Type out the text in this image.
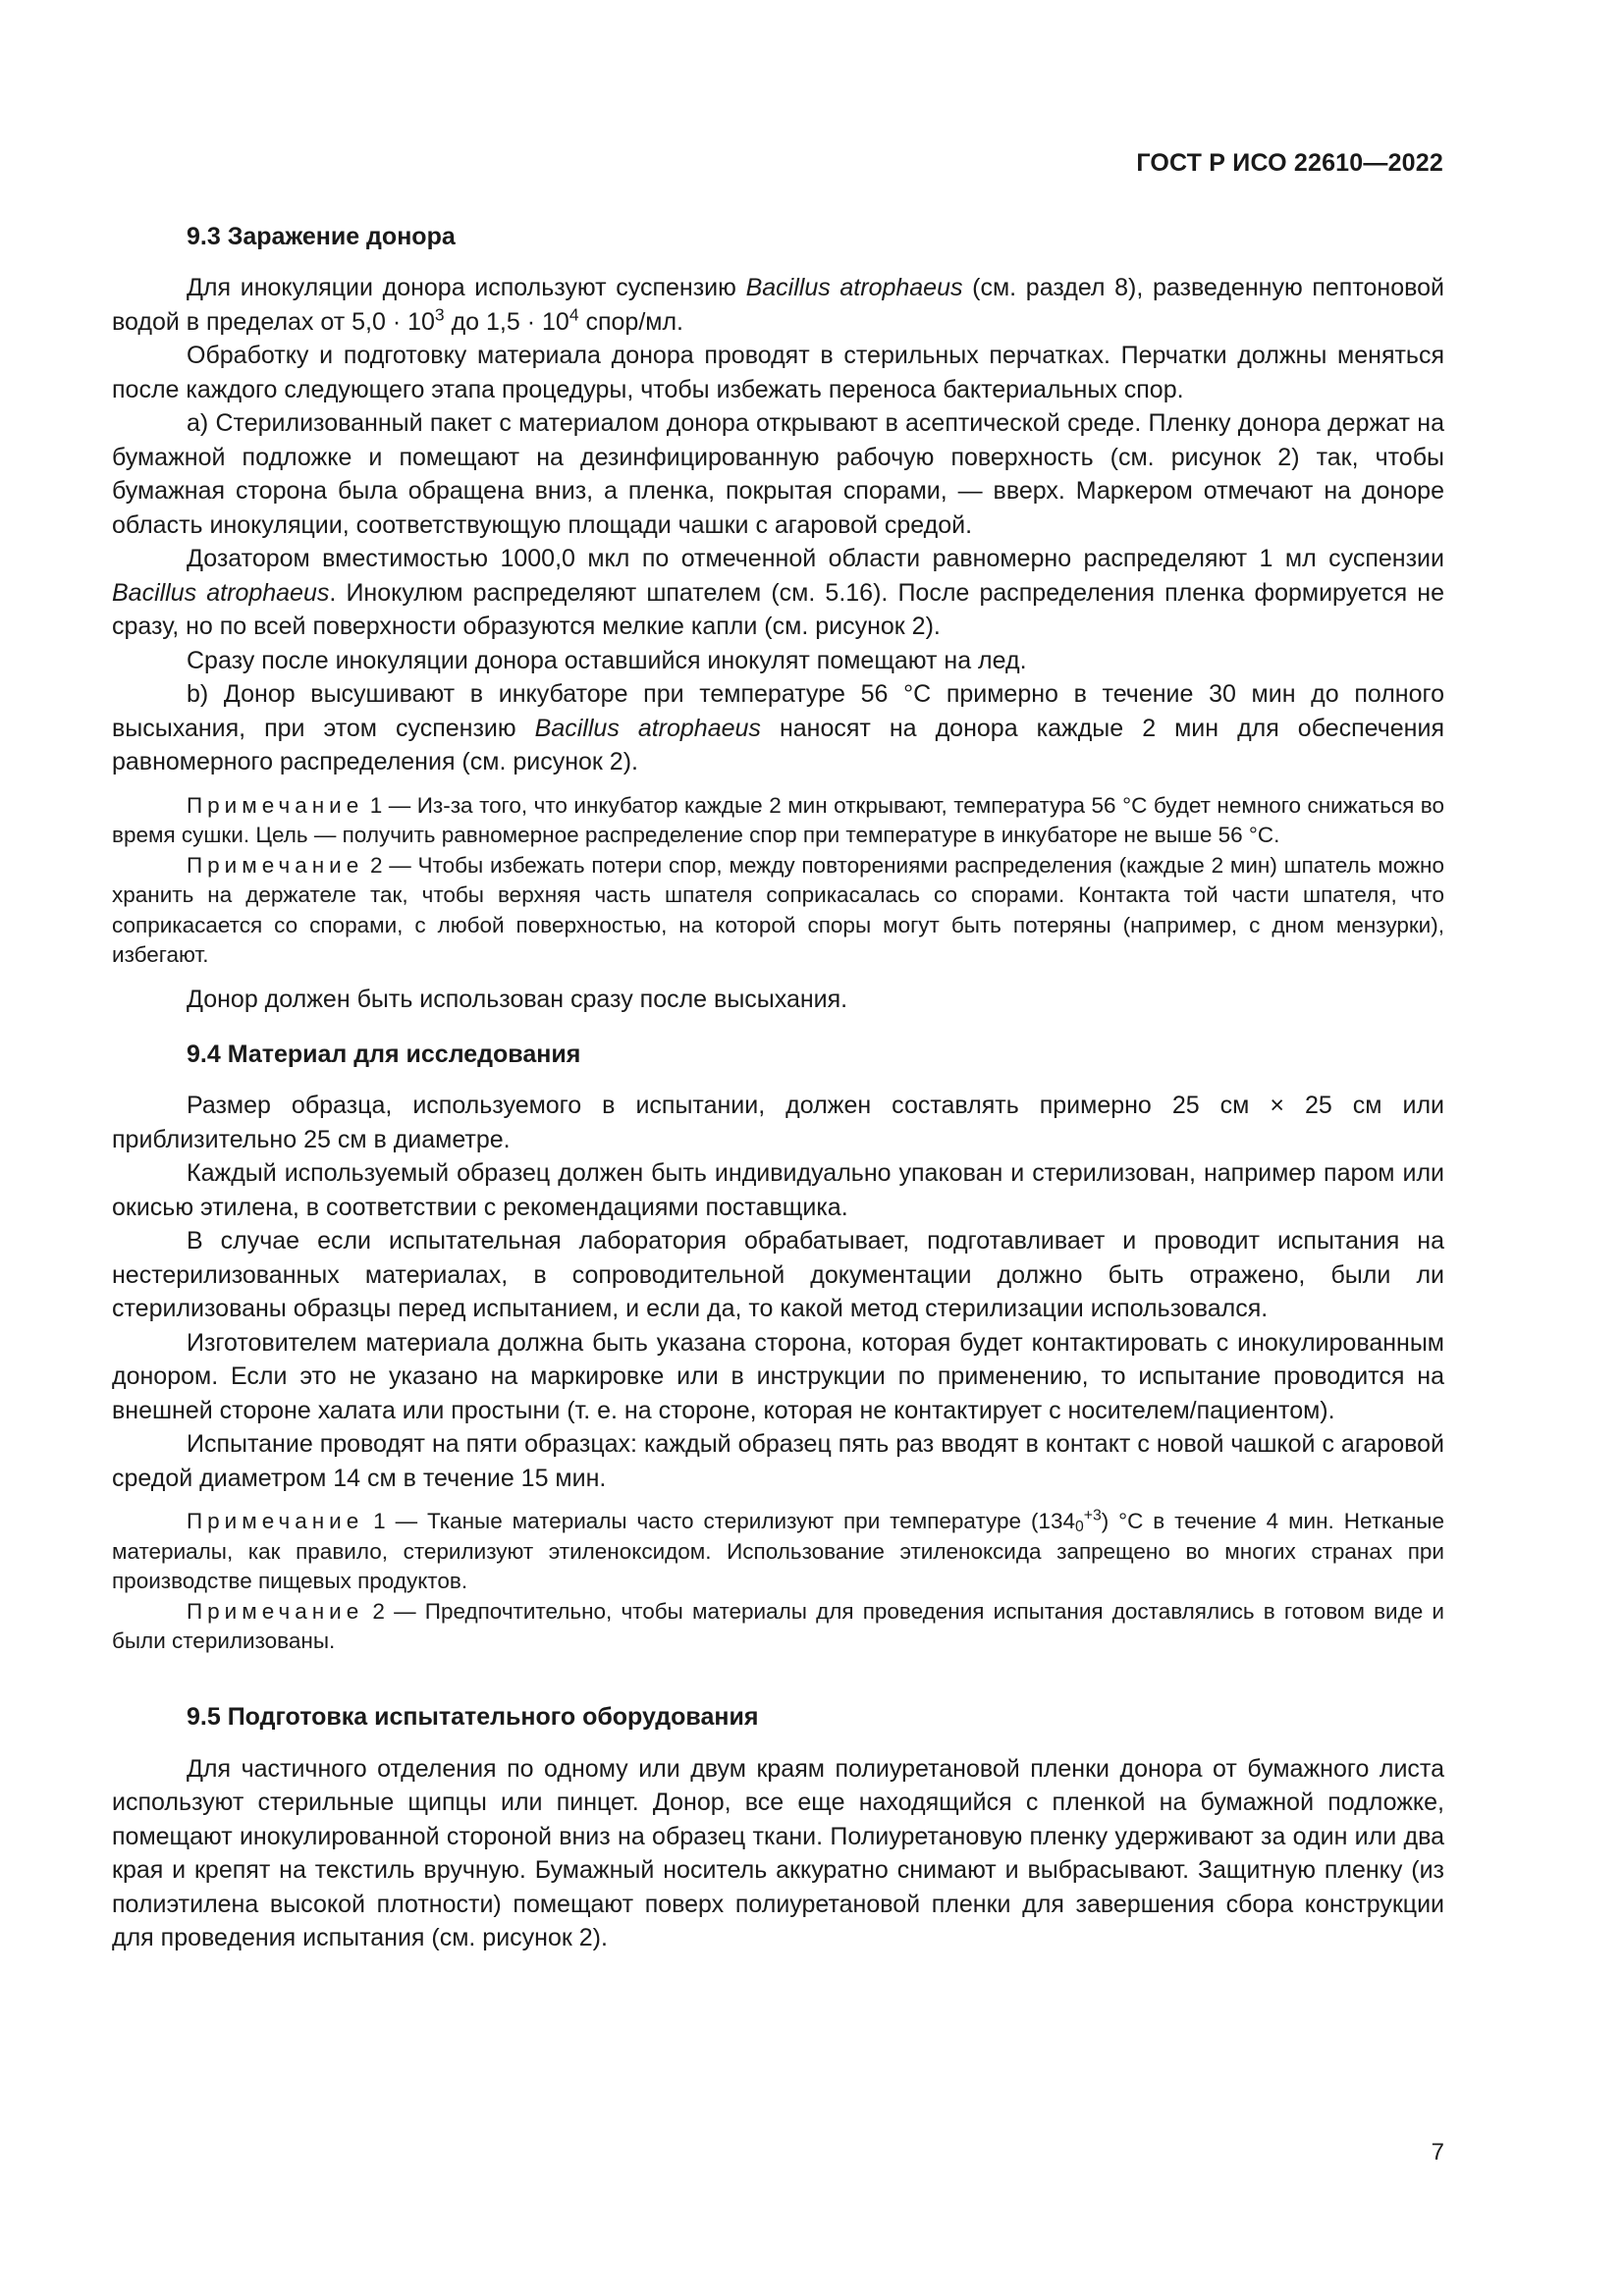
ГОСТ Р ИСО 22610—2022
9.3 Заражение донора

Для инокуляции донора используют суспензию Bacillus atrophaeus (см. раздел 8), разведенную пептоновой водой в пределах от $5,0 \cdot 10^3$ до $1,5 \cdot 10^4$ спор/мл.

Обработку и подготовку материала донора проводят в стерильных перчатках. Перчатки должны меняться после каждого следующего этапа процедуры, чтобы избежать переноса бактериальных спор.

a) Стерилизованный пакет с материалом донора открывают в асептической среде. Пленку донора держат на бумажной подложке и помещают на дезинфицированную рабочую поверхность (см. рисунок 2) так, чтобы бумажная сторона была обращена вниз, а пленка, покрытая спорами, — вверх. Маркером отмечают на доноре область инокуляции, соответствующую площади чашки с агаровой средой.

Дозатором вместимостью 1000,0 мкл по отмеченной области равномерно распределяют 1 мл суспензии Bacillus atrophaeus. Инокулюм распределяют шпателем (см. 5.16). После распределения пленка формируется не сразу, но по всей поверхности образуются мелкие капли (см. рисунок 2).

Сразу после инокуляции донора оставшийся инокулят помещают на лед.

b) Донор высушивают в инкубаторе при температуре 56 °С примерно в течение 30 мин до полного высыхания, при этом суспензию Bacillus atrophaeus наносят на донора каждые 2 мин для обеспечения равномерного распределения (см. рисунок 2).

Примечание 1 — Из-за того, что инкубатор каждые 2 мин открывают, температура 56 °С будет немного снижаться во время сушки. Цель — получить равномерное распределение спор при температуре в инкубаторе не выше 56 °С.

Примечание 2 — Чтобы избежать потери спор, между повторениями распределения (каждые 2 мин) шпатель можно хранить на держателе так, чтобы верхняя часть шпателя соприкасалась со спорами. Контакта той части шпателя, что соприкасается со спорами, с любой поверхностью, на которой споры могут быть потеряны (например, с дном мензурки), избегают.

Донор должен быть использован сразу после высыхания.

9.4 Материал для исследования

Размер образца, используемого в испытании, должен составлять примерно 25 см × 25 см или приблизительно 25 см в диаметре.

Каждый используемый образец должен быть индивидуально упакован и стерилизован, например паром или окисью этилена, в соответствии с рекомендациями поставщика.

В случае если испытательная лаборатория обрабатывает, подготавливает и проводит испытания на нестерилизованных материалах, в сопроводительной документации должно быть отражено, были ли стерилизованы образцы перед испытанием, и если да, то какой метод стерилизации использовался.

Изготовителем материала должна быть указана сторона, которая будет контактировать с инокулированным донором. Если это не указано на маркировке или в инструкции по применению, то испытание проводится на внешней стороне халата или простыни (т. е. на стороне, которая не контактирует с носителем/пациентом).

Испытание проводят на пяти образцах: каждый образец пять раз вводят в контакт с новой чашкой с агаровой средой диаметром 14 см в течение 15 мин.

Примечание 1 — Тканые материалы часто стерилизуют при температуре $(134_0^{+3})$ °С в течение 4 мин. Нетканые материалы, как правило, стерилизуют этиленоксидом. Использование этиленоксида запрещено во многих странах при производстве пищевых продуктов.

Примечание 2 — Предпочтительно, чтобы материалы для проведения испытания доставлялись в готовом виде и были стерилизованы.

9.5 Подготовка испытательного оборудования

Для частичного отделения по одному или двум краям полиуретановой пленки донора от бумажного листа используют стерильные щипцы или пинцет. Донор, все еще находящийся с пленкой на бумажной подложке, помещают инокулированной стороной вниз на образец ткани. Полиуретановую пленку удерживают за один или два края и крепят на текстиль вручную. Бумажный носитель аккуратно снимают и выбрасывают. Защитную пленку (из полиэтилена высокой плотности) помещают поверх полиуретановой пленки для завершения сбора конструкции для проведения испытания (см. рисунок 2).

7
